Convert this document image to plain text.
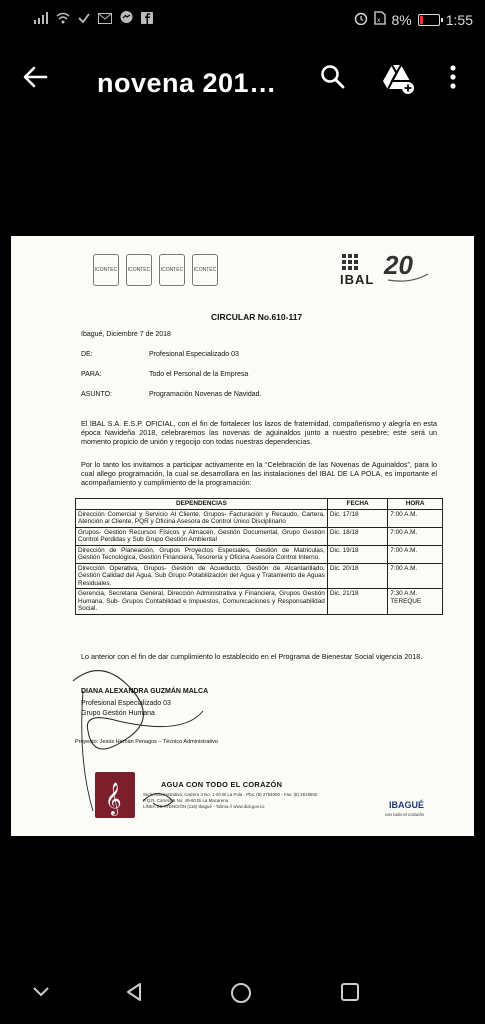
x 8% 1:55
novena 201…
ICONTEC	ICONTEC	ICONTEC	ICONTEC
IBAL 20
CIRCULAR No.610-117
Ibagué, Diciembre 7 de 2018
DE:	Profesional Especializado 03
PARA:	Todo el Personal de la Empresa
ASUNTO:	Programación Novenas de Navidad.
El IBAL S.A. E.S.P. OFICIAL, con el fin de fortalecer los lazos de fraternidad, compañerismo y alegría en esta época Navideña 2018, celebraremos las novenas de aguinaldos junto a nuestro pesebre; este será un momento propicio de unión y regocijo con todas nuestras dependencias.
Por lo tanto los invitamos a participar activamente en la “Celebración de las Novenas de Aguinaldos”, para lo cual allego programación, la cual se desarrollara en las instalaciones del IBAL DE LA POLA, es importante el acompañamiento y cumplimiento de la programación:
DEPENDENCIAS	FECHA	HORA
Dirección Comercial y Servicio Al Cliente, Grupos- Facturación y Recaudo, Cartera, Atención al Cliente, PQR y Oficina Asesora de Control Único Disciplinario	Dic. 17/18	7:00 A.M.
Grupos- Gestión Recursos Físicos y Almacén, Gestión Documental, Grupo Gestión Control Perdidas y Sub Grupo Gestión Ambiental	Dic. 18/18	7:00 A.M.
Dirección de Planeación, Grupos Proyectos Especiales, Gestión de Matriculas, Gestión Tecnológica, Gestión Financiera, Tesorería y Oficina Asesora Control Interno.	Dic. 19/18	7:00 A.M.
Dirección Operativa, Grupos- Gestión de Acueducto, Gestión de Alcantarillado, Gestión Calidad del Agua, Sub Grupo Potabilización del Agua y Tratamiento de Aguas Residuales.	Dic. 20/18	7:00 A.M.
Gerencia, Secretaria General, Dirección Administrativa y Financiera, Grupos Gestión Humana, Sub- Grupos Contabilidad e Impuestos, Comunicaciones y Responsabilidad Social.	Dic. 21/18	7:30 A.M. TEREQUE
Lo anterior con el fin de dar cumplimiento lo establecido en el Programa de Bienestar Social vigencia 2018.
DIANA ALEXANDRA GUZMÁN MALCA
Profesional Especializado 03
Grupo Gestión Humana
Proyecto: Jesús Hernán Penagos – Técnico Administrativo
𝄞	AGUA CON TODO EL CORAZÓN
Sede Administrativa: Carrera 3 No. 1-04 B/ La Pola - Pbx: (8) 2754000 - Fax: (8) 2618582
P.Q.R. Carrera 5 No. 49-60 B/ La Macarena
LÍNEA DE ATENCIÓN (116) Ibagué - Tolima // www.ibal.gov.co	IBAGUÉ
con todo el corazón
